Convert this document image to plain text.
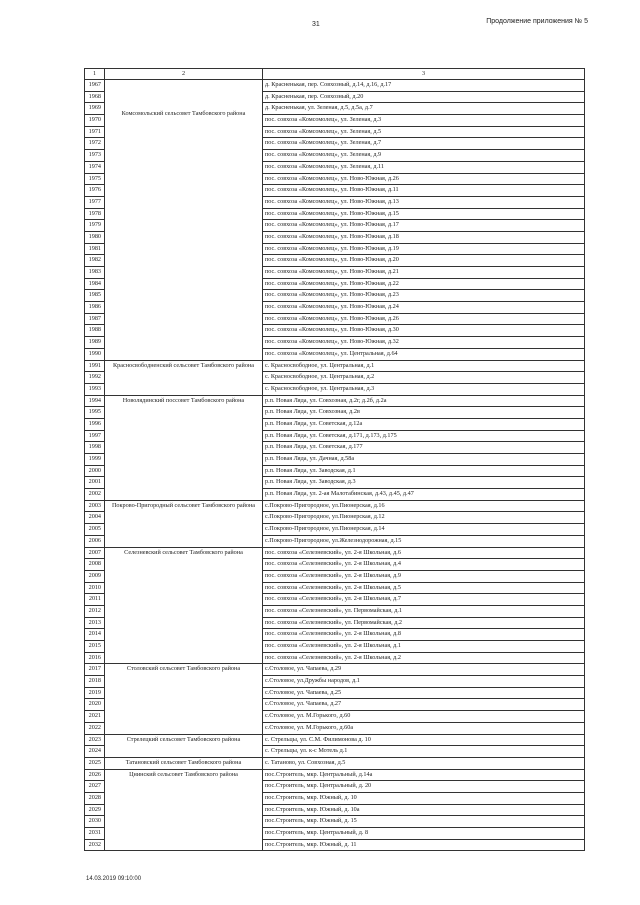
31	Продолжение приложения № 5
1	2	3
1967	Комсомольский сельсовет Тамбовского района	д. Красненькая, пер. Совхозный, д.14, д.16, д.17
1968		д. Красненькая, пер. Совхозный, д.20
1969		д. Красненькая, ул. Зеленая, д.5, д.5а, д.7
1970		пос. совхоза «Комсомолец», ул. Зеленая, д.3
1971		пос. совхоза «Комсомолец», ул. Зеленая, д.5
1972		пос. совхоза «Комсомолец», ул. Зеленая, д.7
1973		пос. совхоза «Комсомолец», ул. Зеленая, д.9
1974		пос. совхоза «Комсомолец», ул. Зеленая, д.11
1975		пос. совхоза «Комсомолец», ул. Ново-Южная, д.26
1976		пос. совхоза «Комсомолец», ул. Ново-Южная, д.11
1977		пос. совхоза «Комсомолец», ул. Ново-Южная, д.13
1978		пос. совхоза «Комсомолец», ул. Ново-Южная, д.15
1979		пос. совхоза «Комсомолец», ул. Ново-Южная, д.17
1980		пос. совхоза «Комсомолец», ул. Ново-Южная, д.18
1981		пос. совхоза «Комсомолец», ул. Ново-Южная, д.19
1982		пос. совхоза «Комсомолец», ул. Ново-Южная, д.20
1983		пос. совхоза «Комсомолец», ул. Ново-Южная, д.21
1984		пос. совхоза «Комсомолец», ул. Ново-Южная, д.22
1985		пос. совхоза «Комсомолец», ул. Ново-Южная, д.23
1986		пос. совхоза «Комсомолец», ул. Ново-Южная, д.24
1987		пос. совхоза «Комсомолец», ул. Ново-Южная, д.26
1988		пос. совхоза «Комсомолец», ул. Ново-Южная, д.30
1989		пос. совхоза «Комсомолец», ул. Ново-Южная, д.32
1990		пос. совхоза «Комсомолец», ул. Центральная, д.64
1991	Красносвободненский сельсовет Тамбовского района	с. Красносвободное, ул. Центральная, д.1
1992		с. Красносвободное, ул. Центральная, д.2
1993		с. Красносвободное, ул. Центральная, д.3
1994	Новолядинский поссовет Тамбовского района	р.п. Новая Лядa, ул. Совхозная, д.2г, д.2б, д.2а
1995		р.п. Новая Ляда, ул. Совхозная, д.2в
1996		р.п. Новая Ляда, ул. Советская, д.12а
1997		р.п. Новая Ляда, ул. Советская, д.171, д.173, д.175
1998		р.п. Новая Ляда, ул. Советская, д.177
1999		р.п. Новая Ляда, ул. Дачная, д.58а
2000		р.п. Новая Ляда, ул. Заводская, д.1
2001		р.п. Новая Ляда, ул. Заводская, д.3
2002		р.п. Новая Ляда, ул. 2-ая Малотабинская, д.43, д.45, д.47
2003	Покрово-Пригородный сельсовет Тамбовского района	с.Покрово-Пригородное, ул.Пионерская, д.16
2004		с.Покрово-Пригородное, ул.Пионерская, д.12
2005		с.Покрово-Пригородное, ул.Пионерская, д.14
2006		с.Покрово-Пригородное, ул.Железнодорожная, д.15
2007	Селезневский сельсовет Тамбовского района	пос. совхоза «Селезневский», ул. 2-я Школьная, д.6
2008		пос. совхоза «Селезневский», ул. 2-я Школьная, д.4
2009		пос. совхоза «Селезневский», ул. 2-я Школьная, д.9
2010		пос. совхоза «Селезневский», ул. 2-я Школьная, д.5
2011		пос. совхоза «Селезневский», ул. 2-я Школьная, д.7
2012		пос. совхоза «Селезневский», ул. Первомайская, д.1
2013		пос. совхоза «Селезневский», ул. Первомайская, д.2
2014		пос. совхоза «Селезневский», ул. 2-я Школьная, д.8
2015		пос. совхоза «Селезневский», ул. 2-я Школьная, д.1
2016		пос. совхоза «Селезневский», ул. 2-я Школьная, д.2
2017	Столовский сельсовет Тамбовского района	с.Столовое, ул. Чапаева, д.29
2018		с.Столовое, ул.Дружбы народов, д.1
2019		с.Столовое, ул. Чапаева, д.25
2020		с.Столовое, ул. Чапаева, д.27
2021		с.Столовое, ул. М.Горького, д.60
2022		с.Столовое, ул. М.Горького, д.60а
2023	Стрелецкий сельсовет Тамбовского района	с. Стрельцы, ул. С.М. Филимонова д. 10
2024		с. Стрельцы, ул. к-с Мотель д.1
2025	Татановский сельсовет Тамбовского района	с. Татаново, ул. Совхозная, д.5
2026	Цнинский сельсовет Тамбовского района	пос.Строитель, мкр. Центральный, д.14а
2027		пос.Строитель, мкр. Центральный, д. 20
2028		пос.Строитель, мкр. Южный, д. 10
2029		пос.Строитель, мкр. Южный, д. 10а
2030		пос.Строитель, мкр. Южный, д. 15
2031		пос.Строитель, мкр. Центральный, д. 8
2032		пос.Строитель, мкр. Южный, д. 11
14.03.2019 09:10:00
